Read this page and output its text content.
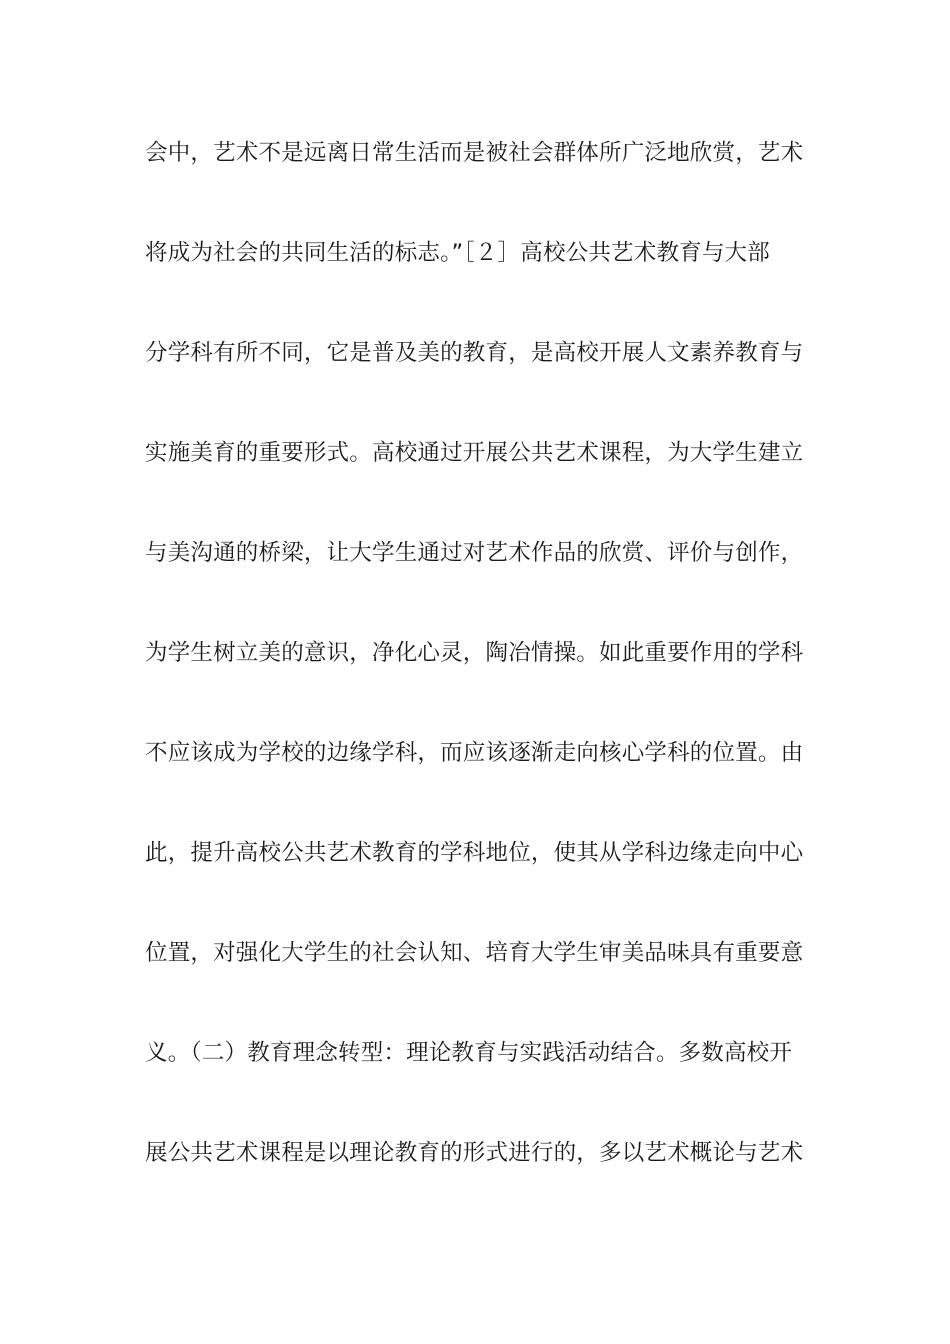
会中，艺术不是远离日常生活而是被社会群体所广泛地欣赏，艺术
将成为社会的共同生活的标志。”［２］高校公共艺术教育与大部
分学科有所不同，它是普及美的教育，是高校开展人文素养教育与
实施美育的重要形式。高校通过开展公共艺术课程，为大学生建立
与美沟通的桥梁，让大学生通过对艺术作品的欣赏、评价与创作，
为学生树立美的意识，净化心灵，陶冶情操。如此重要作用的学科
不应该成为学校的边缘学科，而应该逐渐走向核心学科的位置。由
此，提升高校公共艺术教育的学科地位，使其从学科边缘走向中心
位置，对强化大学生的社会认知、培育大学生审美品味具有重要意
义。（二）教育理念转型：理论教育与实践活动结合。多数高校开
展公共艺术课程是以理论教育的形式进行的，多以艺术概论与艺术
